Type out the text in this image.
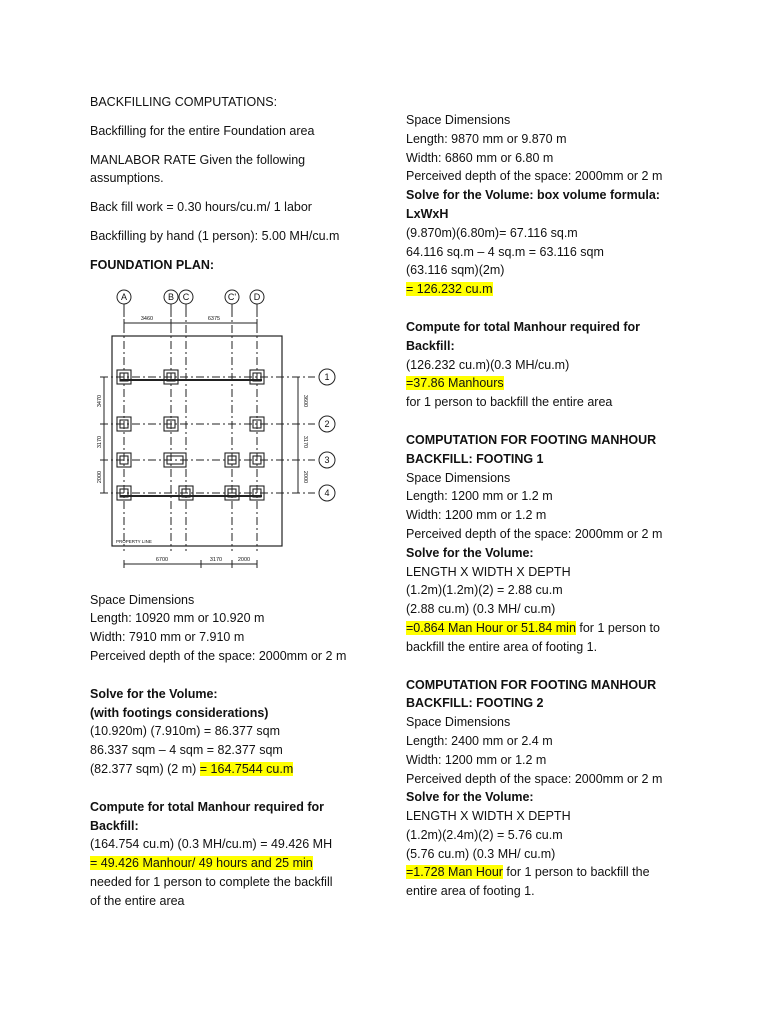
BACKFILLING COMPUTATIONS:
Backfilling for the entire Foundation area
MANLABOR RATE Given the following
assumptions.
Back fill work = 0.30 hours/cu.m/ 1 labor
Backfilling by hand (1 person): 5.00 MH/cu.m
FOUNDATION PLAN:
A	B C	C' D
1
2
3
4
3460	6375
6700	3170	2000
3470
3170
2000
3600
3170
2000
PROPERTY LINE
Space Dimensions
Length: 10920 mm or 10.920 m
Width: 7910 mm or 7.910 m
Perceived depth of the space: 2000mm or 2 m
Solve for the Volume:
(with footings considerations)
(10.920m) (7.910m) = 86.377 sqm
86.337 sqm – 4 sqm = 82.377 sqm
(82.377 sqm) (2 m) = 164.7544 cu.m
Compute for total Manhour required for
Backfill:
(164.754 cu.m) (0.3 MH/cu.m) = 49.426 MH
= 49.426 Manhour/ 49 hours and 25 min
needed for 1 person to complete the backfill
of the entire area
Space Dimensions
Length: 9870 mm or 9.870 m
Width: 6860 mm or 6.80 m
Perceived depth of the space: 2000mm or 2 m
Solve for the Volume: box volume formula:
LxWxH
(9.870m)(6.80m)= 67.116 sq.m
64.116 sq.m – 4 sq.m = 63.116 sqm
(63.116 sqm)(2m)
= 126.232 cu.m
Compute for total Manhour required for
Backfill:
(126.232 cu.m)(0.3 MH/cu.m)
=37.86 Manhours
for 1 person to backfill the entire area
COMPUTATION FOR FOOTING MANHOUR
BACKFILL: FOOTING 1
Space Dimensions
Length: 1200 mm or 1.2 m
Width: 1200 mm or 1.2 m
Perceived depth of the space: 2000mm or 2 m
Solve for the Volume:
LENGTH X WIDTH X DEPTH
(1.2m)(1.2m)(2) = 2.88 cu.m
(2.88 cu.m) (0.3 MH/ cu.m)
=0.864 Man Hour or 51.84 min for 1 person to
backfill the entire area of footing 1.
COMPUTATION FOR FOOTING MANHOUR
BACKFILL: FOOTING 2
Space Dimensions
Length: 2400 mm or 2.4 m
Width: 1200 mm or 1.2 m
Perceived depth of the space: 2000mm or 2 m
Solve for the Volume:
LENGTH X WIDTH X DEPTH
(1.2m)(2.4m)(2) = 5.76 cu.m
(5.76 cu.m) (0.3 MH/ cu.m)
=1.728 Man Hour for 1 person to backfill the
entire area of footing 1.
